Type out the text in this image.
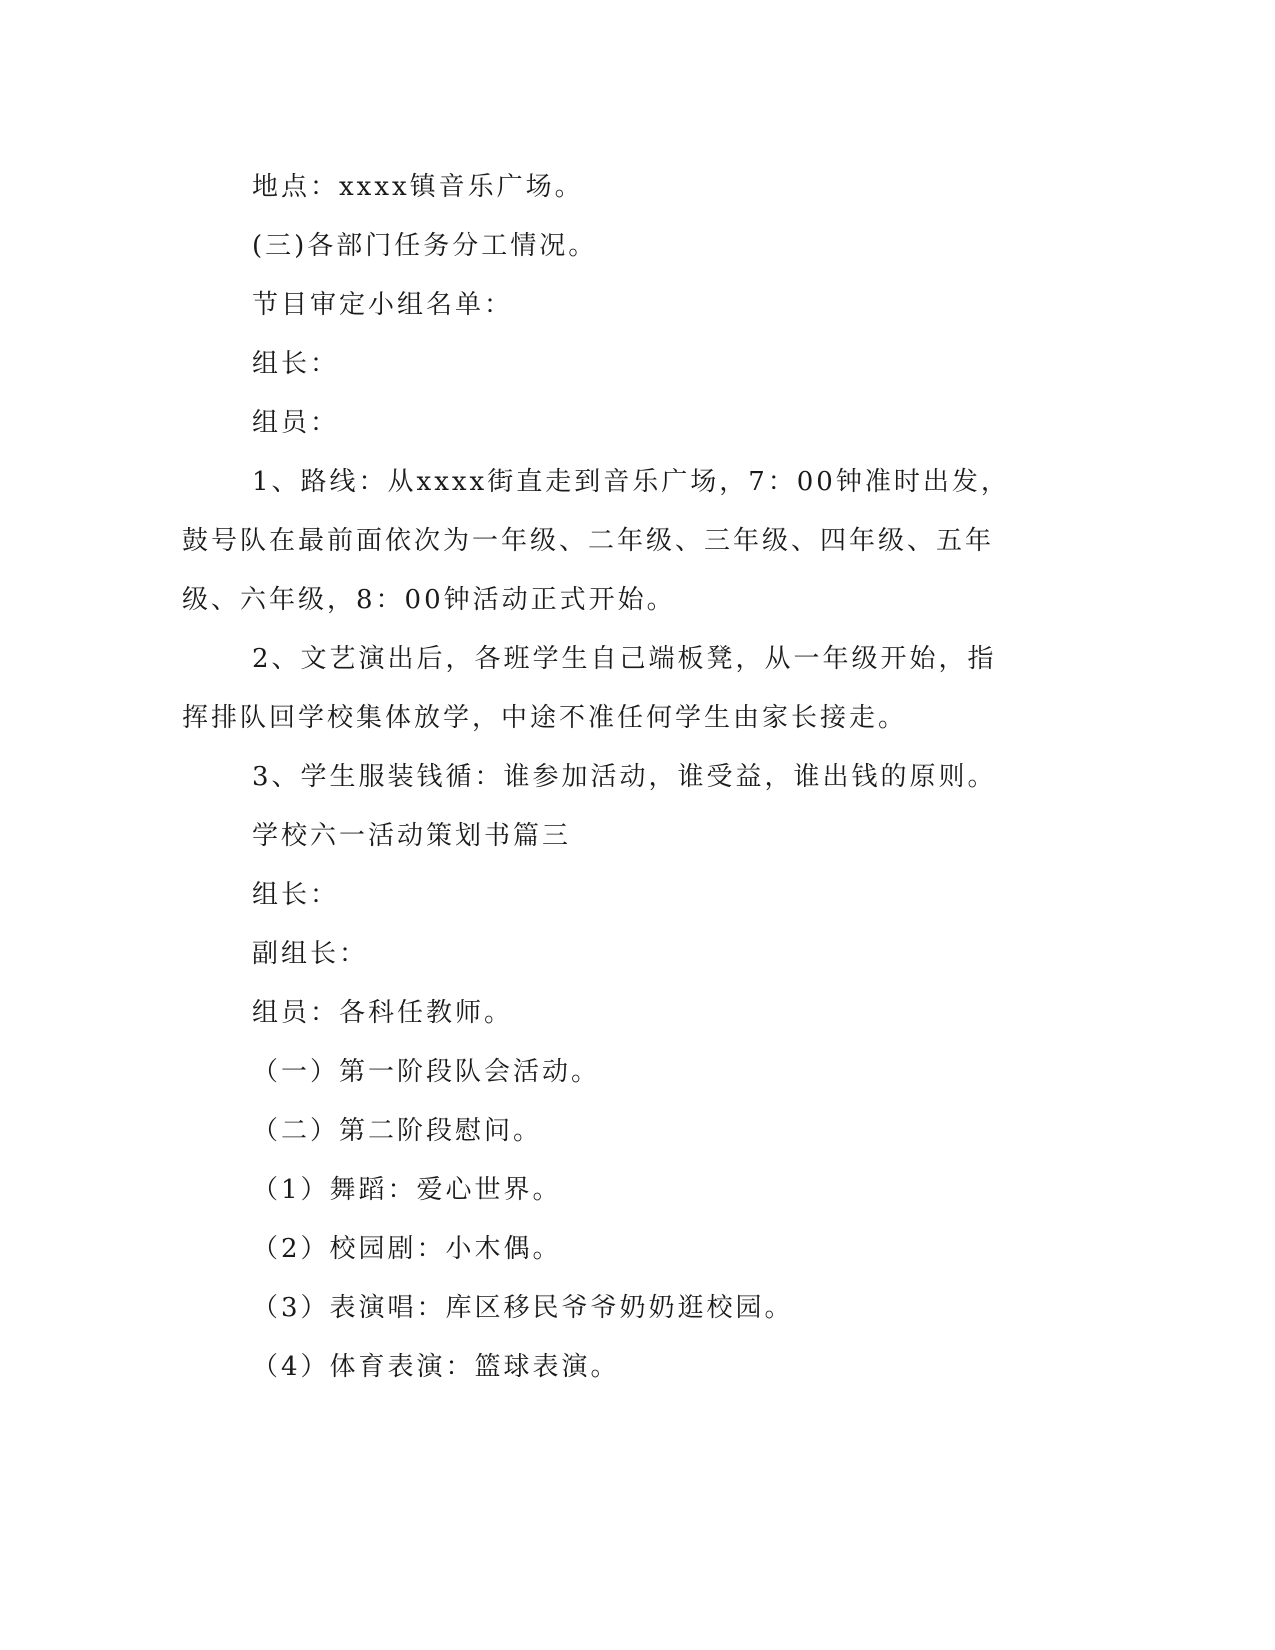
地点：xxxx镇音乐广场。

(三)各部门任务分工情况。

节目审定小组名单：

组长：

组员：

1、路线：从xxxx街直走到音乐广场，7：00钟准时出发，鼓号队在最前面依次为一年级、二年级、三年级、四年级、五年级、六年级，8：00钟活动正式开始。

2、文艺演出后，各班学生自己端板凳，从一年级开始，指挥排队回学校集体放学，中途不准任何学生由家长接走。

3、学生服装钱循：谁参加活动，谁受益，谁出钱的原则。

学校六一活动策划书篇三

组长：

副组长：

组员：各科任教师。

（一）第一阶段队会活动。

（二）第二阶段慰问。

（1）舞蹈：爱心世界。

（2）校园剧：小木偶。

（3）表演唱：库区移民爷爷奶奶逛校园。

（4）体育表演：篮球表演。
